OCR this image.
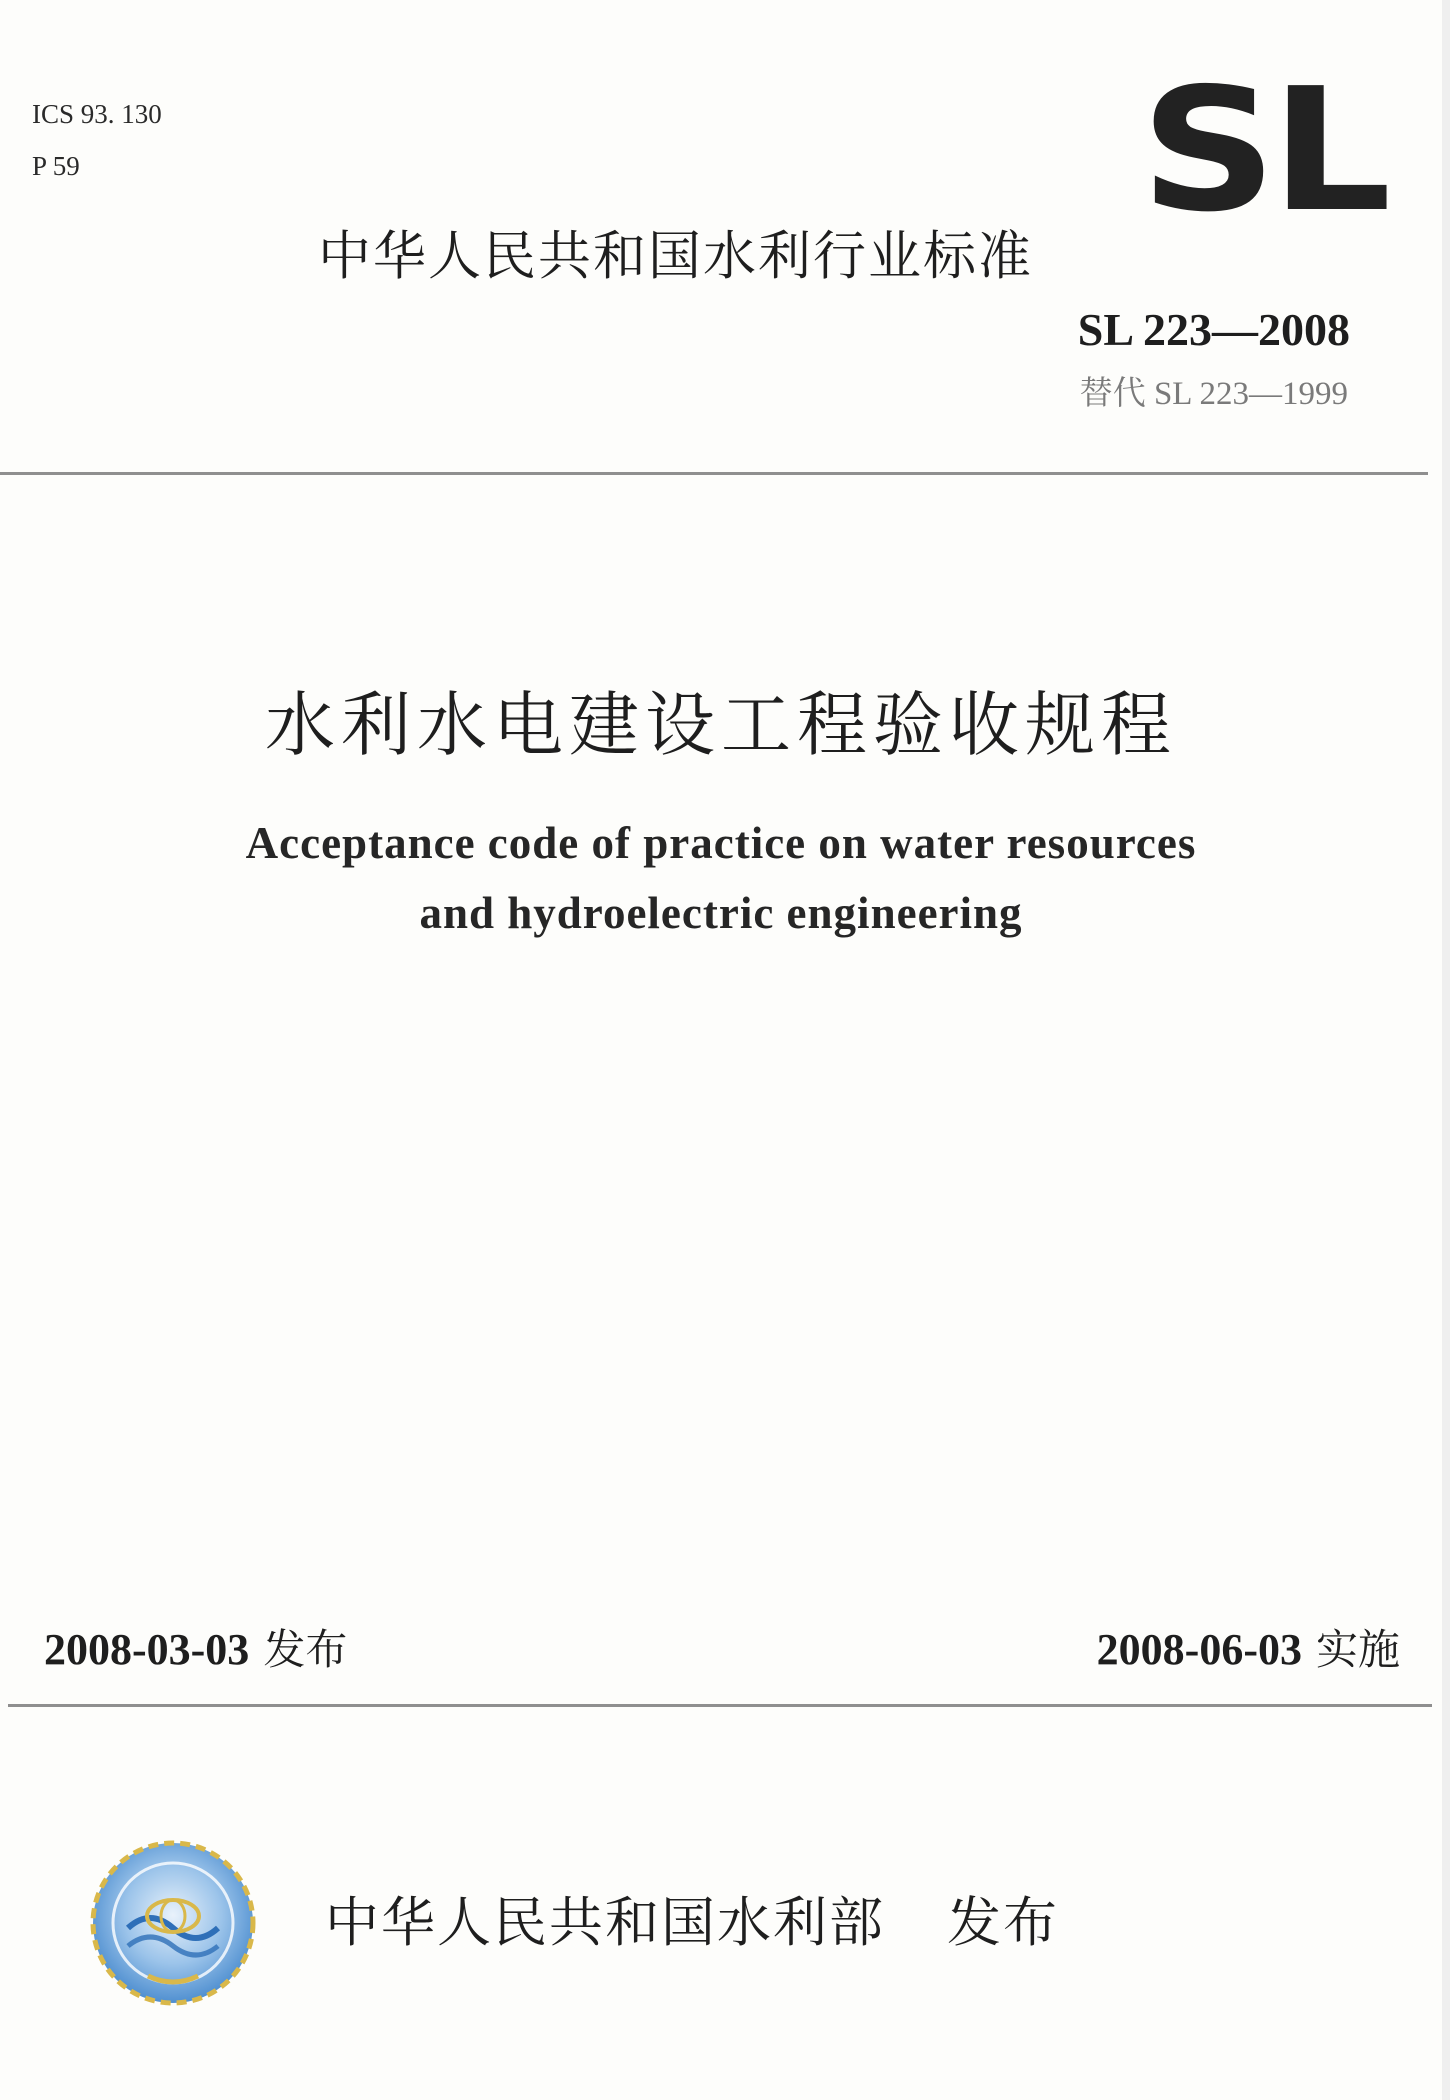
ICS 93. 130
P 59	SL
中华人民共和国水利行业标准
SL 223—2008
替代 SL 223—1999
水利水电建设工程验收规程
Acceptance code of practice on water resources
and hydroelectric engineering
2008-03-03 发布	2008-06-03 实施
中华人民共和国水利部 发布
